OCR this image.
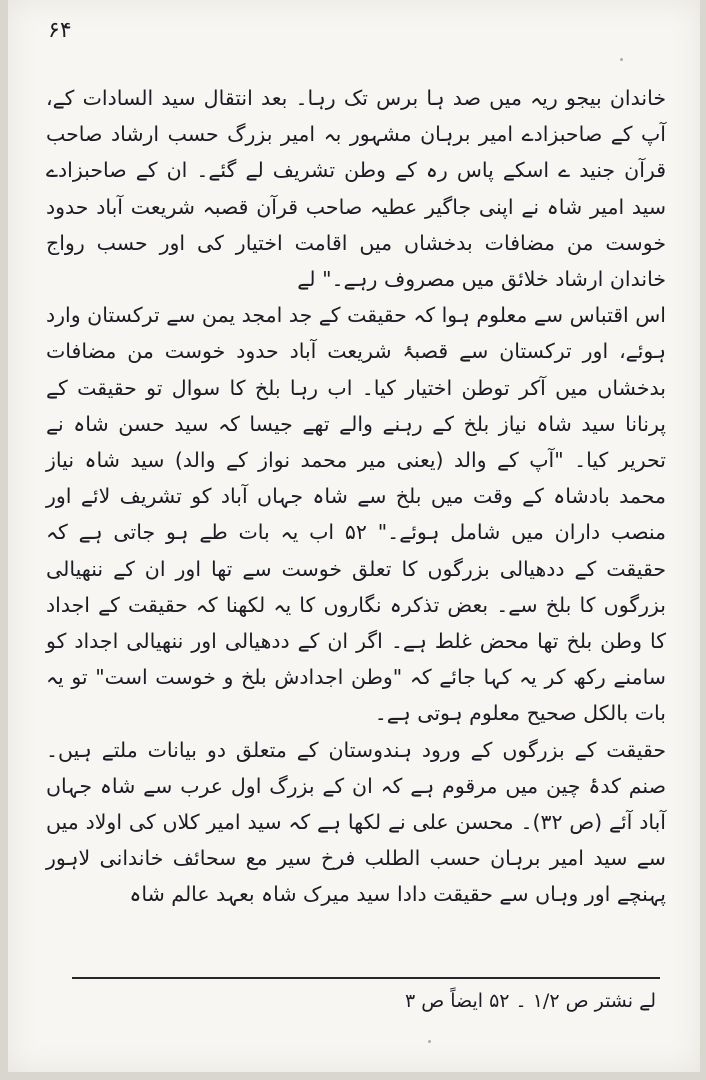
۶۴

خاندان بیجو ریہ میں صد ہا برس تک رہا۔ بعد انتقال سید السادات کے، آپ کے صاحبزادے امیر برہان مشہور بہ امیر بزرگ حسب ارشاد صاحب قرآن جنید ے اسکے پاس رہ کے وطن تشریف لے گئے۔ ان کے صاحبزادے سید امیر شاہ نے اپنی جاگیر عطیہ صاحب قرآن قصبہ شریعت آباد حدود خوست من مضافات بدخشاں میں اقامت اختیار کی اور حسب رواج خاندان ارشاد خلائق میں مصروف رہے۔" لے

اس اقتباس سے معلوم ہوا کہ حقیقت کے جد امجد یمن سے ترکستان وارد ہوئے، اور ترکستان سے قصبۂ شریعت آباد حدود خوست من مضافات بدخشاں میں آکر توطن اختیار کیا۔ اب رہا بلخ کا سوال تو حقیقت کے پرنانا سید شاہ نیاز بلخ کے رہنے والے تھے جیسا کہ سید حسن شاہ نے تحریر کیا۔ "آپ کے والد (یعنی میر محمد نواز کے والد) سید شاہ نیاز محمد بادشاہ کے وقت میں بلخ سے شاہ جہاں آباد کو تشریف لائے اور منصب داران میں شامل ہوئے۔" ۵۲ اب یہ بات طے ہو جاتی ہے کہ حقیقت کے ددھیالی بزرگوں کا تعلق خوست سے تھا اور ان کے ننھیالی بزرگوں کا بلخ سے۔ بعض تذکرہ نگاروں کا یہ لکھنا کہ حقیقت کے اجداد کا وطن بلخ تھا محض غلط ہے۔ اگر ان کے ددھیالی اور ننھیالی اجداد کو سامنے رکھ کر یہ کہا جائے کہ "وطن اجدادش بلخ و خوست است" تو یہ بات بالکل صحیح معلوم ہوتی ہے۔

حقیقت کے بزرگوں کے ورود ہندوستان کے متعلق دو بیانات ملتے ہیں۔ صنم کدۂ چین میں مرقوم ہے کہ ان کے بزرگ اول عرب سے شاہ جہاں آباد آئے (ص ۳۲)۔ محسن علی نے لکھا ہے کہ سید امیر کلاں کی اولاد میں سے سید امیر برہان حسب الطلب فرخ سیر مع سحائف خاندانی لاہور پہنچے اور وہاں سے حقیقت دادا سید میرک شاہ بعہد عالم شاہ

لے نشتر ص ۱/۲ ۔ ۵۲ ایضاً ص ۳
